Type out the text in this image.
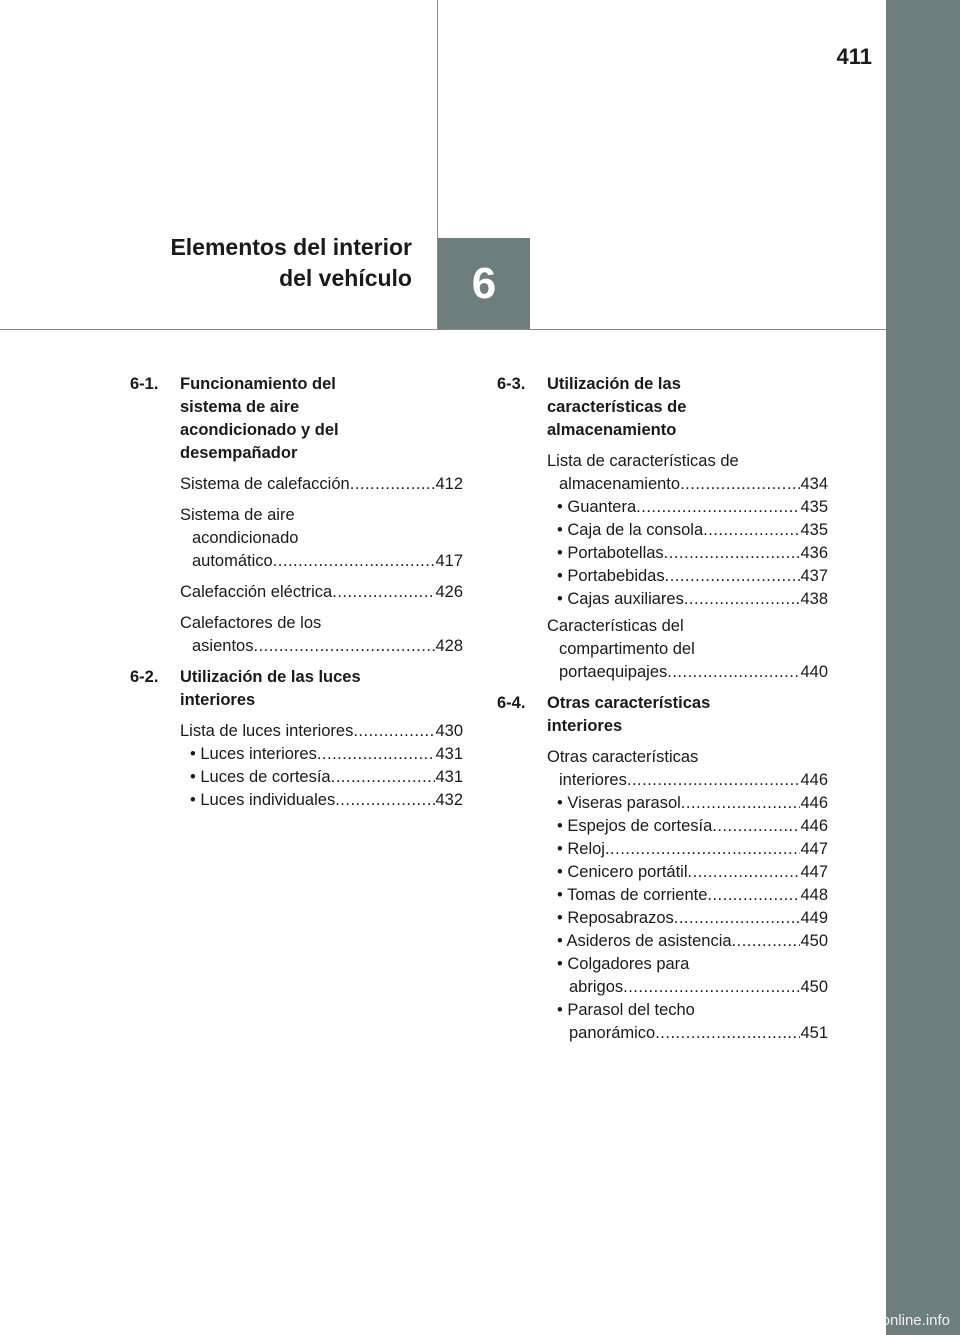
411
Elementos del interior
del vehículo	6
6-1.	Funcionamiento del
sistema de aire
acondicionado y del
desempañador
Sistema de calefacción .....	412
Sistema de aire
acondicionado
automático .....	417
Calefacción eléctrica .....	426
Calefactores de los
asientos .....	428
6-2.	Utilización de las luces
interiores
Lista de luces interiores .....	430
• Luces interiores .....	431
• Luces de cortesía .....	431
• Luces individuales .....	432
6-3.	Utilización de las
características de
almacenamiento
Lista de características de
almacenamiento .....	434
• Guantera .....	435
• Caja de la consola .....	435
• Portabotellas .....	436
• Portabebidas .....	437
• Cajas auxiliares .....	438
Características del
compartimento del
portaequipajes .....	440
6-4.	Otras características
interiores
Otras características
interiores .....	446
• Viseras parasol .....	446
• Espejos de cortesía .....	446
• Reloj .....	447
• Cenicero portátil .....	447
• Tomas de corriente .....	448
• Reposabrazos .....	449
• Asideros de asistencia .....	450
• Colgadores para
abrigos .....	450
• Parasol del techo
panorámico .....	451
carmanualsonline.info
